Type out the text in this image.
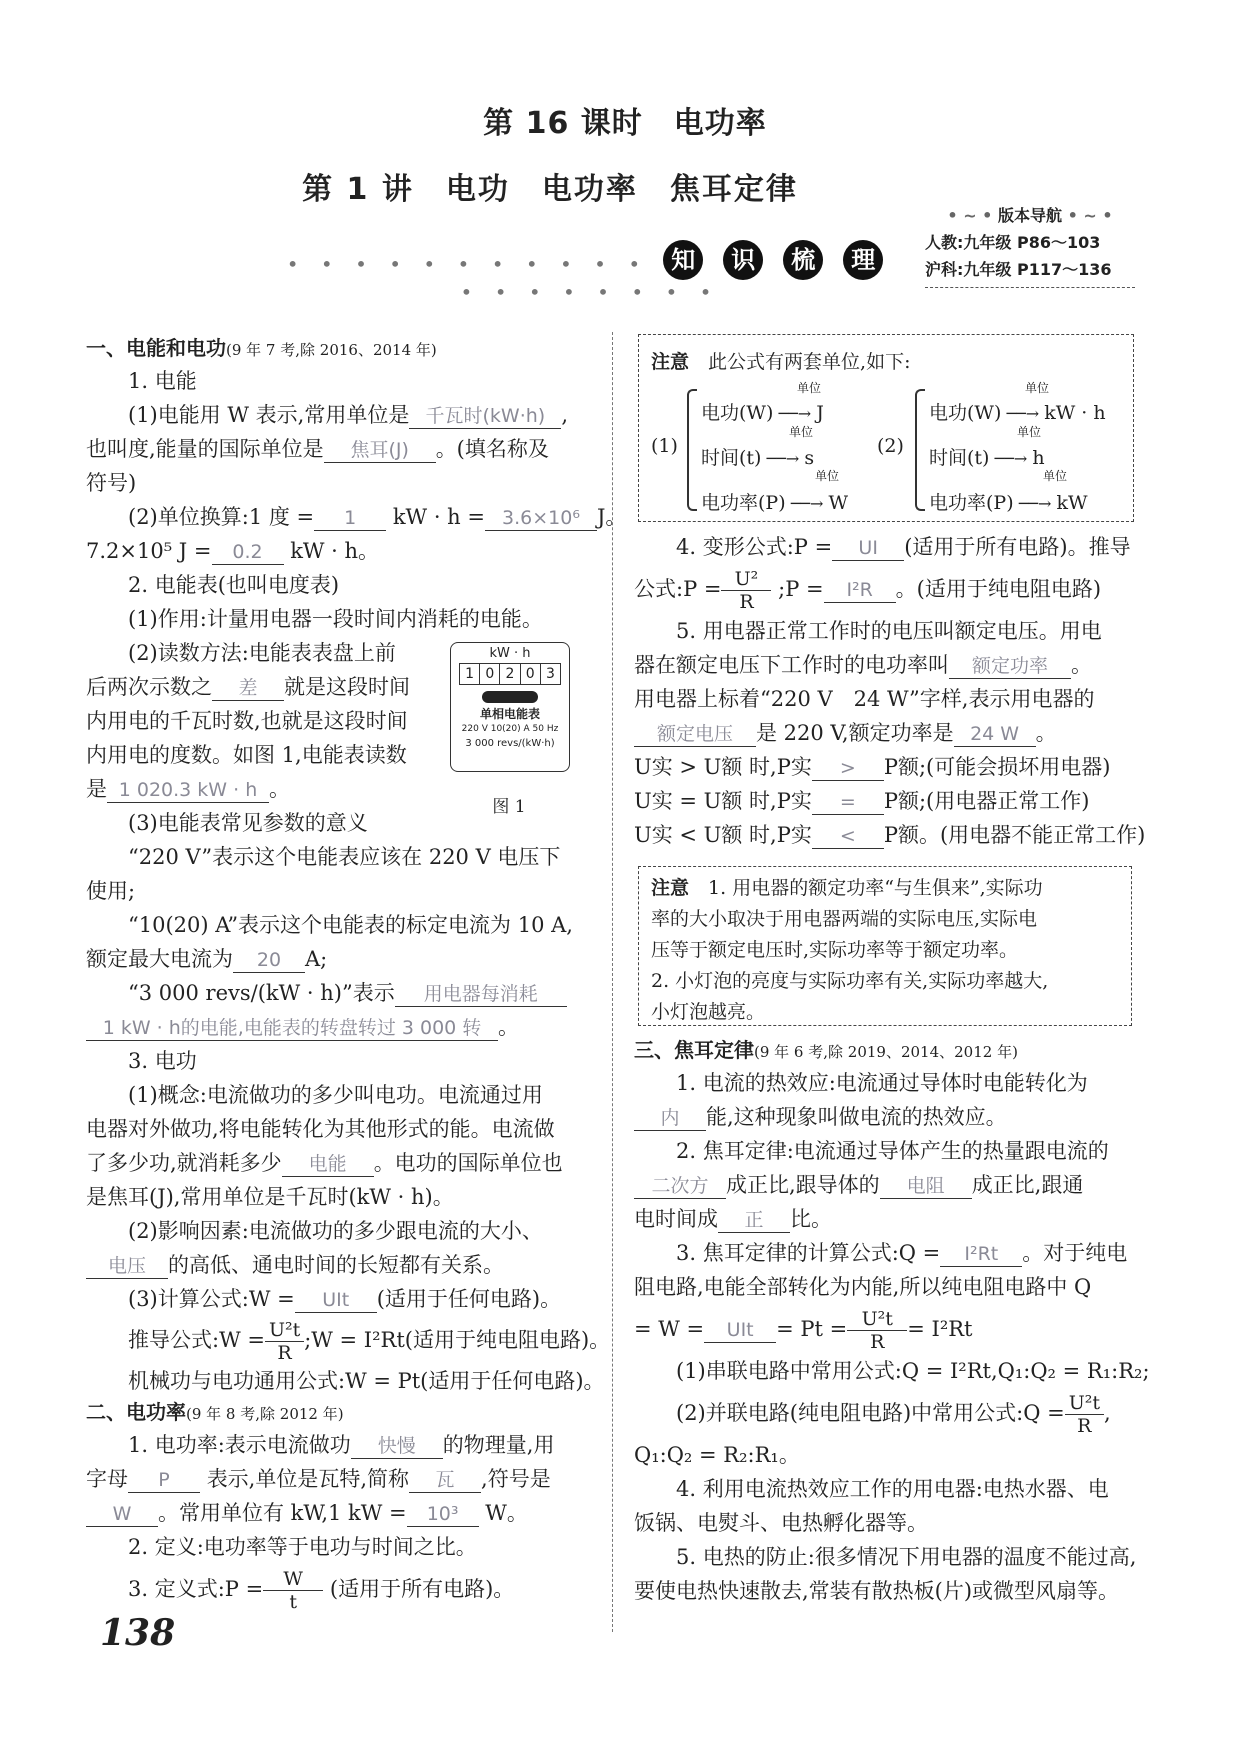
第 16 课时　电功率
第 1 讲　电功　电功率　焦耳定律
• • • • • • • • • • • 知 识 梳 理 • • • • • • • •
• ~ • 版本导航 • ~ •
人教:九年级 P86～103
沪科:九年级 P117～136

一、电能和电功(9 年 7 考,除 2016、2014 年)

1. 电能

(1)电能用 W 表示,常用单位是 千瓦时(kW·h) ,

也叫度,能量的国际单位是 焦耳(J) 。(填名称及

符号)

(2)单位换算:1 度 = 1 kW · h = 3.6×10⁶ J。

7.2×10⁵ J = 0.2 kW · h。

2. 电能表(也叫电度表)

(1)作用:计量用电器一段时间内消耗的电能。

(2)读数方法:电能表表盘上前

后两次示数之 差 就是这段时间

内用电的千瓦时数,也就是这段时间

内用电的度数。如图 1,电能表读数

是 1 020.3 kW · h 。

(3)电能表常见参数的意义

“220 V”表示这个电能表应该在 220 V 电压下

使用;

“10(20) A”表示这个电能表的标定电流为 10 A,

额定最大电流为 20 A;

“3 000 revs/(kW · h)”表示 用电器每消耗

1 kW · h的电能,电能表的转盘转过 3 000 转 。

3. 电功

(1)概念:电流做功的多少叫电功。电流通过用

电器对外做功,将电能转化为其他形式的能。电流做

了多少功,就消耗多少 电能 。电功的国际单位也

是焦耳(J),常用单位是千瓦时(kW · h)。

(2)影响因素:电流做功的多少跟电流的大小、

电压 的高低、通电时间的长短都有关系。

(3)计算公式:W = UIt (适用于任何电路)。

推导公式:W = $\frac{\text{U²t}}{R}$ ;W = I²Rt(适用于纯电阻电路)。

机械功与电功通用公式:W = Pt(适用于任何电路)。

二、电功率(9 年 8 考,除 2012 年)

1. 电功率:表示电流做功 快慢 的物理量,用

字母 P 表示,单位是瓦特,简称 瓦 ,符号是

W 。常用单位有 kW,1 kW = 10³ W。

2. 定义:电功率等于电功与时间之比。

3. 定义式:P = $\frac{W}{t}$ (适用于所有电路)。

kW · h
1 0 2 0 3
单相电能表
220 V 10(20) A 50 Hz
3 000 revs/(kW·h)
图 1
138
注意　 此公式有两套单位,如下:
(1)
电功(W) ──→ J
时间(t) ──→ s
电功率(P) ──→ W
单位
单位
单位
(2)
电功(W) ──→ kW · h
时间(t) ──→ h
电功率(P) ──→ kW
单位
单位
单位

4. 变形公式:P = UI (适用于所有电路)。推导

公式:P = $\frac{\text{U²}}{R}$ ;P = I²R 。(适用于纯电阻电路)

5. 用电器正常工作时的电压叫额定电压。用电

器在额定电压下工作时的电功率叫 额定功率 。

用电器上标着“220 V　24 W”字样,表示用电器的

额定电压 是 220 V,额定功率是 24 W 。

U实 > U额 时,P实 > P额;(可能会损坏用电器)

U实 = U额 时,P实 = P额;(用电器正常工作)

U实 < U额 时,P实 < P额。(用电器不能正常工作)

注意　 1. 用电器的额定功率“与生俱来”,实际功
率的大小取决于用电器两端的实际电压,实际电
压等于额定电压时,实际功率等于额定功率。
2. 小灯泡的亮度与实际功率有关,实际功率越大,
小灯泡越亮。

三、焦耳定律(9 年 6 考,除 2019、2014、2012 年)

1. 电流的热效应:电流通过导体时电能转化为

内 能,这种现象叫做电流的热效应。

2. 焦耳定律:电流通过导体产生的热量跟电流的

二次方 成正比,跟导体的 电阻 成正比,跟通

电时间成 正 比。

3. 焦耳定律的计算公式:Q = I²Rt 。对于纯电

阻电路,电能全部转化为内能,所以纯电阻电路中 Q

= W = UIt = $Pt = \frac{\text{U²t}}{R} = I^2Rt$

(1)串联电路中常用公式:Q = I²Rt,Q₁:Q₂ = R₁:R₂;

(2)并联电路(纯电阻电路)中常用公式:Q = $\frac{\text{U²t}}{R}$ ,

Q₁:Q₂ = R₂:R₁。

4. 利用电流热效应工作的用电器:电热水器、电

饭锅、电熨斗、电热孵化器等。

5. 电热的防止:很多情况下用电器的温度不能过高,

要使电热快速散去,常装有散热板(片)或微型风扇等。
